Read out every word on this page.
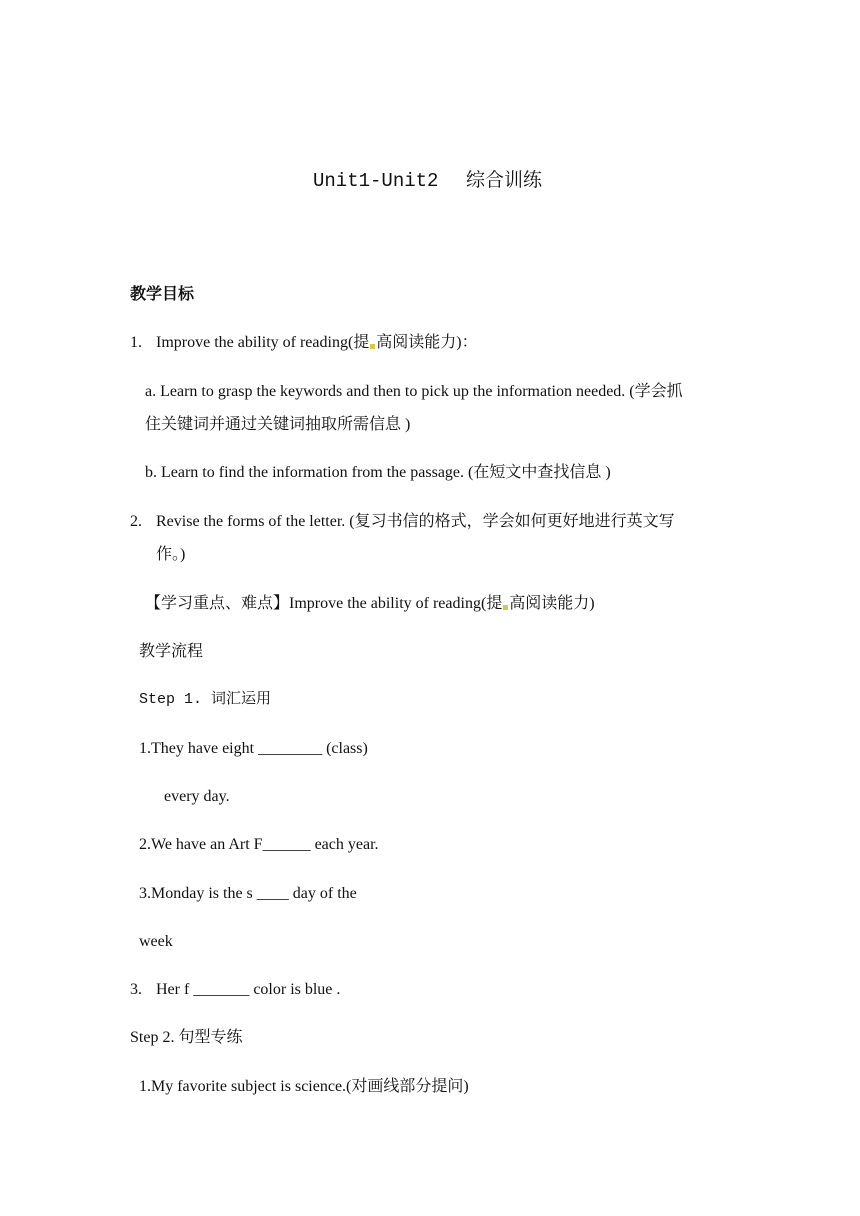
Unit1-Unit2 综合训练
教学目标
1. Improve the ability of reading(提 高阅读能力)：
a. Learn to grasp the keywords and then to pick up the information needed. (学会抓
住关键词并通过关键词抽取所需信息 )
b. Learn to find the information from the passage. (在短文中查找信息 )
2. Revise the forms of the letter. (复习书信的格式，学会如何更好地进行英文写
作。)
【学习重点、难点】Improve the ability of reading(提 高阅读能力)
教学流程
Step 1. 词汇运用
1.They have eight ________ (class)
every day.
2.We have an Art F______ each year.
3.Monday is the s ____ day of the
week
3. Her f _______ color is blue .
Step 2. 句型专练
1.My favorite subject is science.(对画线部分提问)
